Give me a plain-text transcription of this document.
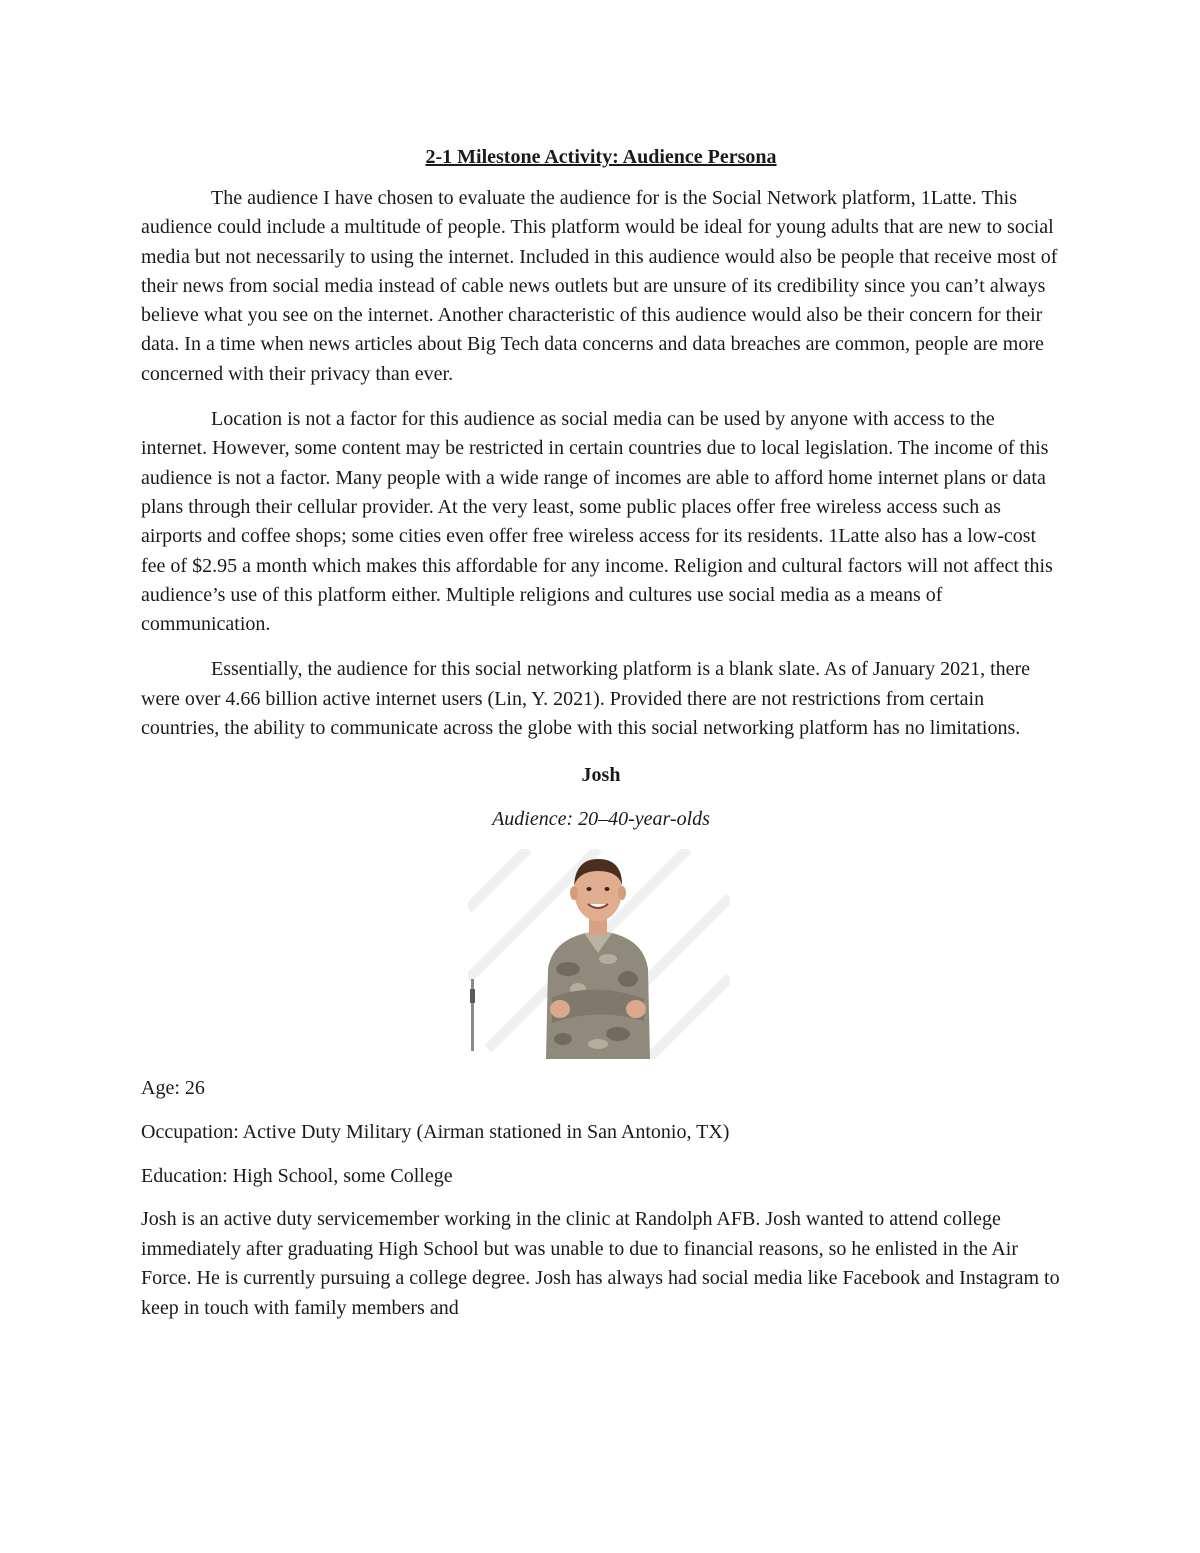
2-1 Milestone Activity: Audience Persona

The audience I have chosen to evaluate the audience for is the Social Network platform, 1Latte. This audience could include a multitude of people. This platform would be ideal for young adults that are new to social media but not necessarily to using the internet. Included in this audience would also be people that receive most of their news from social media instead of cable news outlets but are unsure of its credibility since you can’t always believe what you see on the internet. Another characteristic of this audience would also be their concern for their data. In a time when news articles about Big Tech data concerns and data breaches are common, people are more concerned with their privacy than ever.

Location is not a factor for this audience as social media can be used by anyone with access to the internet. However, some content may be restricted in certain countries due to local legislation. The income of this audience is not a factor. Many people with a wide range of incomes are able to afford home internet plans or data plans through their cellular provider. At the very least, some public places offer free wireless access such as airports and coffee shops; some cities even offer free wireless access for its residents. 1Latte also has a low-cost fee of $2.95 a month which makes this affordable for any income. Religion and cultural factors will not affect this audience’s use of this platform either. Multiple religions and cultures use social media as a means of communication.

Essentially, the audience for this social networking platform is a blank slate. As of January 2021, there were over 4.66 billion active internet users (Lin, Y. 2021). Provided there are not restrictions from certain countries, the ability to communicate across the globe with this social networking platform has no limitations.

Josh
Audience: 20–40-year-olds
Age: 26
Occupation: Active Duty Military (Airman stationed in San Antonio, TX)
Education: High School, some College

Josh is an active duty servicemember working in the clinic at Randolph AFB. Josh wanted to attend college immediately after graduating High School but was unable to due to financial reasons, so he enlisted in the Air Force. He is currently pursuing a college degree. Josh has always had social media like Facebook and Instagram to keep in touch with family members and
